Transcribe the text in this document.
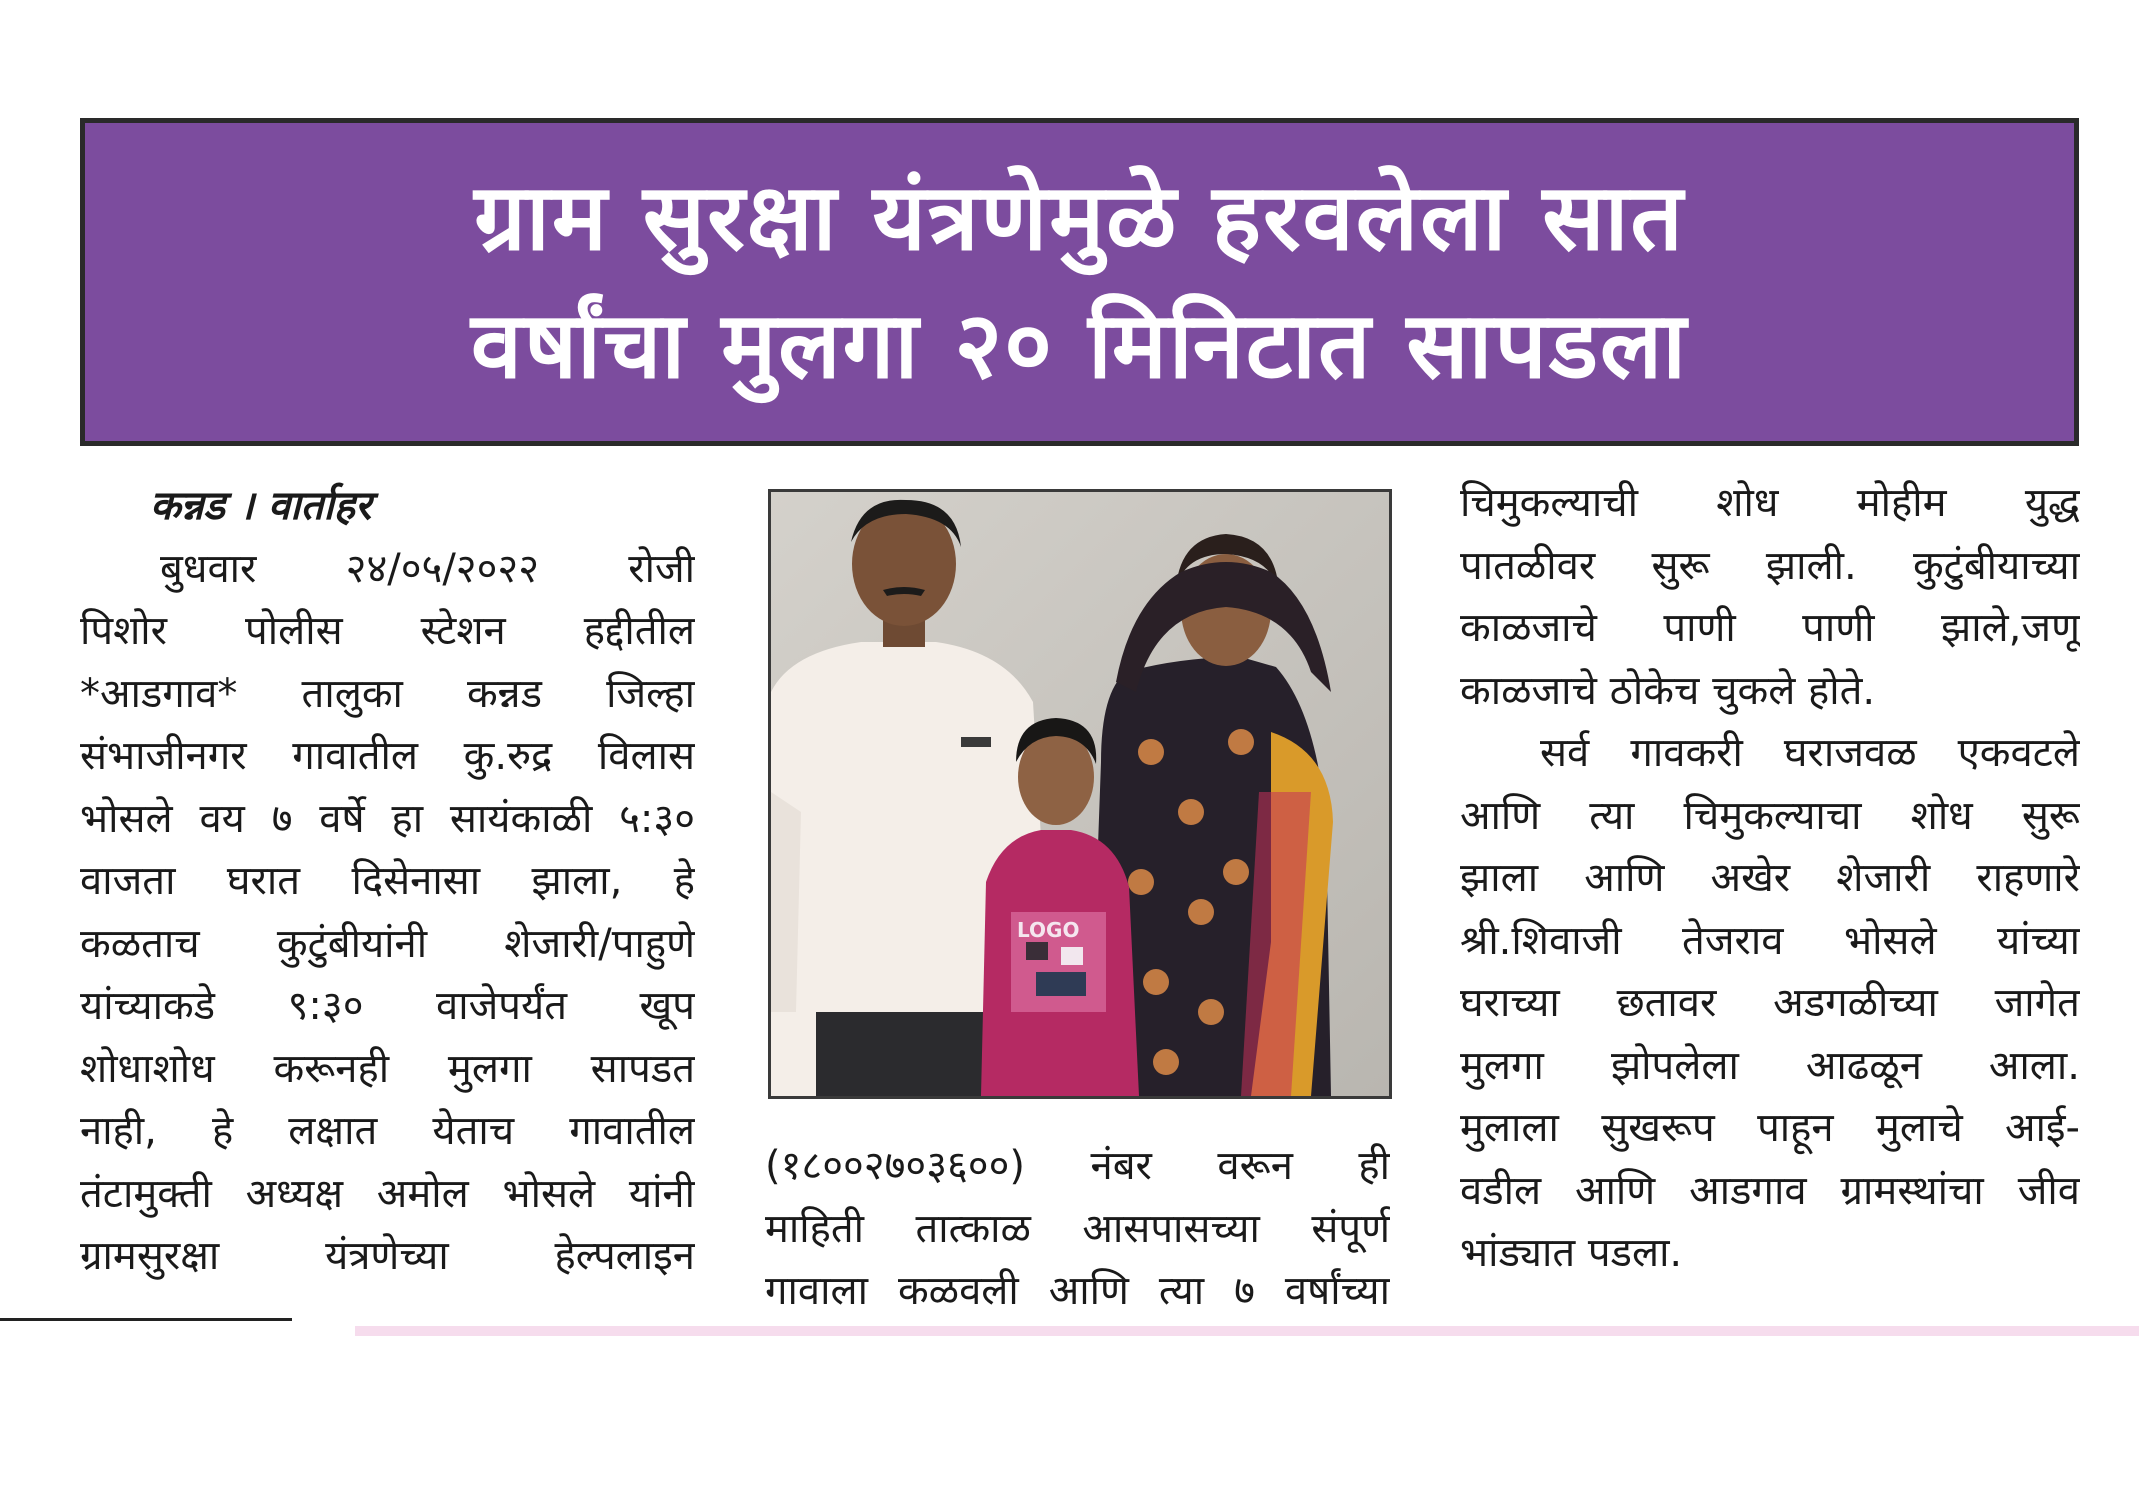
ग्राम सुरक्षा यंत्रणेमुळे हरवलेला सात
वर्षांचा मुलगा २० मिनिटात सापडला
कन्नड । वार्ताहर
बुधवार २४/०५/२०२२ रोजी
पिशोर पोलीस स्टेशन हद्दीतील
*आडगाव* तालुका कन्नड जिल्हा
संभाजीनगर गावातील कु.रुद्र विलास
भोसले वय ७ वर्षे हा सायंकाळी ५:३०
वाजता घरात दिसेनासा झाला, हे
कळताच कुटुंबीयांनी शेजारी/पाहुणे
यांच्याकडे ९:३० वाजेपर्यंत खूप
शोधाशोध करूनही मुलगा सापडत
नाही, हे लक्षात येताच गावातील
तंटामुक्ती अध्यक्ष अमोल भोसले यांनी
ग्रामसुरक्षा यंत्रणेच्या हेल्पलाइन
LOGO
(१८००२७०३६००) नंबर वरून ही
माहिती तात्काळ आसपासच्या संपूर्ण
गावाला कळवली आणि त्या ७ वर्षांच्या
चिमुकल्याची शोध मोहीम युद्ध
पातळीवर सुरू झाली. कुटुंबीयाच्या
काळजाचे पाणी पाणी झाले,जणू
काळजाचे ठोकेच चुकले होते.
सर्व गावकरी घराजवळ एकवटले
आणि त्या चिमुकल्याचा शोध सुरू
झाला आणि अखेर शेजारी राहणारे
श्री.शिवाजी तेजराव भोसले यांच्या
घराच्या छतावर अडगळीच्या जागेत
मुलगा झोपलेला आढळून आला.
मुलाला सुखरूप पाहून मुलाचे आई-
वडील आणि आडगाव ग्रामस्थांचा जीव
भांड्यात पडला.
